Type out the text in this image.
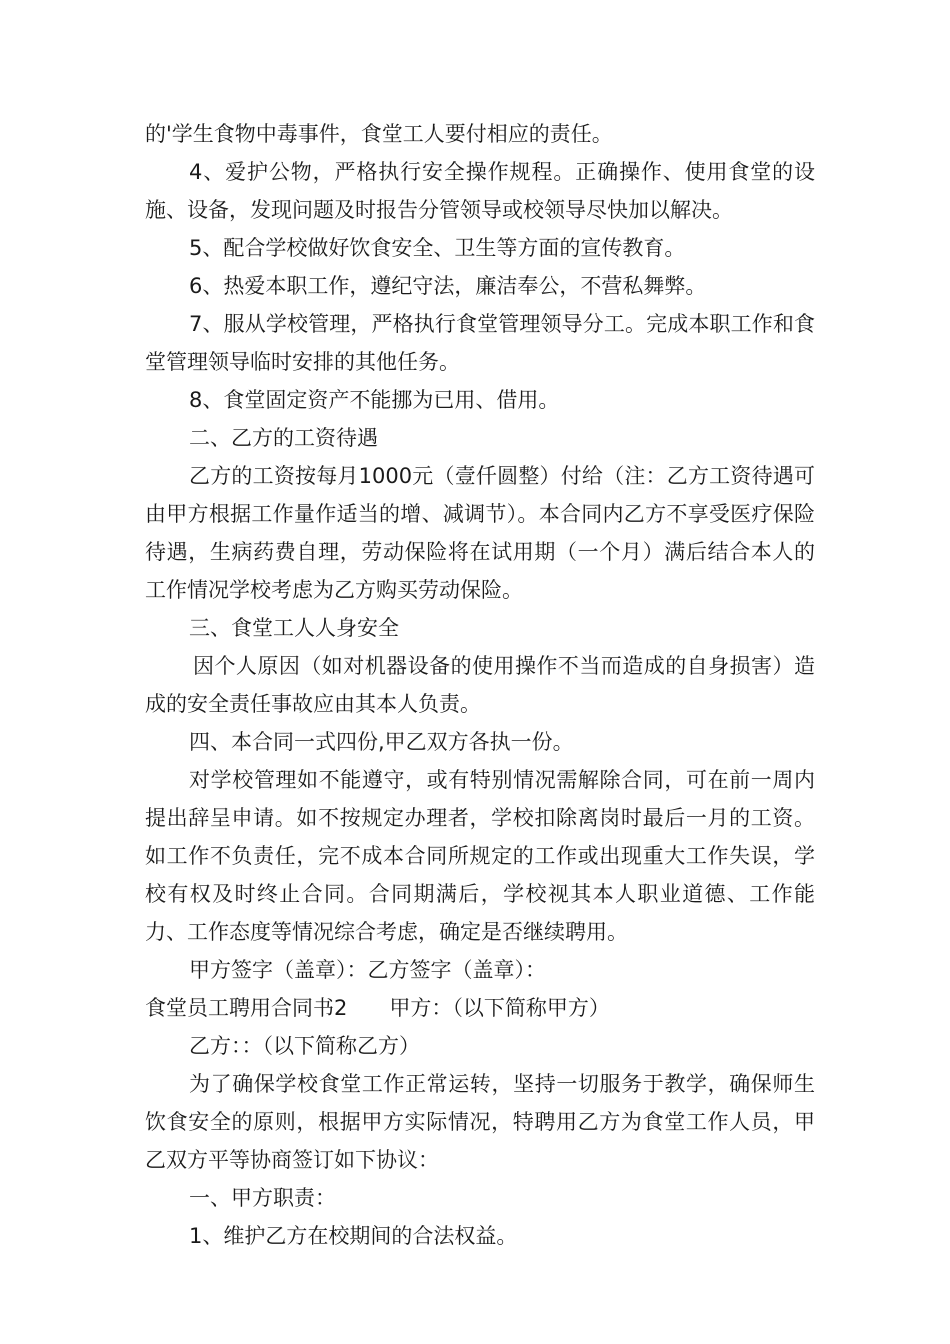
的'学生食物中毒事件，食堂工人要付相应的责任。

4、爱护公物，严格执行安全操作规程。正确操作、使用食堂的设施、设备，发现问题及时报告分管领导或校领导尽快加以解决。

5、配合学校做好饮食安全、卫生等方面的宣传教育。

6、热爱本职工作，遵纪守法，廉洁奉公，不营私舞弊。

7、服从学校管理，严格执行食堂管理领导分工。完成本职工作和食堂管理领导临时安排的其他任务。

8、食堂固定资产不能挪为已用、借用。

二、乙方的工资待遇

乙方的工资按每月1000元（壹仟圆整）付给（注：乙方工资待遇可由甲方根据工作量作适当的增、减调节）。本合同内乙方不享受医疗保险待遇，生病药费自理，劳动保险将在试用期（一个月）满后结合本人的工作情况学校考虑为乙方购买劳动保险。

三、食堂工人人身安全

因个人原因（如对机器设备的使用操作不当而造成的自身损害）造成的安全责任事故应由其本人负责。

四、本合同一式四份,甲乙双方各执一份。

对学校管理如不能遵守，或有特别情况需解除合同，可在前一周内提出辞呈申请。如不按规定办理者，学校扣除离岗时最后一月的工资。如工作不负责任，完不成本合同所规定的工作或出现重大工作失误，学校有权及时终止合同。合同期满后，学校视其本人职业道德、工作能力、工作态度等情况综合考虑，确定是否继续聘用。

甲方签字（盖章）：乙方签字（盖章）：

食堂员工聘用合同书2　　甲方：（以下简称甲方）

乙方：：（以下简称乙方）

为了确保学校食堂工作正常运转，坚持一切服务于教学，确保师生饮食安全的原则，根据甲方实际情况，特聘用乙方为食堂工作人员，甲乙双方平等协商签订如下协议：

一、甲方职责：

1、维护乙方在校期间的合法权益。
